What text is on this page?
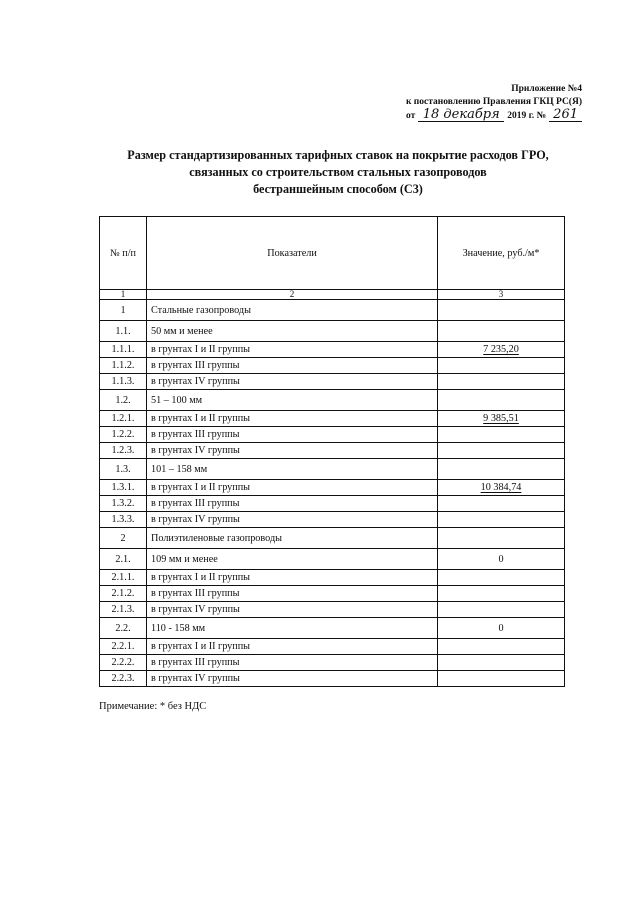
Приложение №4
к постановлению Правления ГКЦ РС(Я)
от 18 декабря 2019 г. № 261
Размер стандартизированных тарифных ставок на покрытие расходов ГРО,
связанных со строительством стальных газопроводов
бестраншейным способом (С3)
№ п/п	Показатели	Значение, руб./м*
1	2	3
1	Стальные газопроводы	
1.1.	50 мм и менее	
1.1.1.	в грунтах I и II группы	7 235,20
1.1.2.	в грунтах III группы	
1.1.3.	в грунтах IV группы	
1.2.	51 – 100 мм	
1.2.1.	в грунтах I и II группы	9 385,51
1.2.2.	в грунтах III группы	
1.2.3.	в грунтах IV группы	
1.3.	101 – 158 мм	
1.3.1.	в грунтах I и II группы	10 384,74
1.3.2.	в грунтах III группы	
1.3.3.	в грунтах IV группы	
2	Полиэтиленовые газопроводы	
2.1.	109 мм и менее	0
2.1.1.	в грунтах I и II группы	
2.1.2.	в грунтах III группы	
2.1.3.	в грунтах IV группы	
2.2.	110 - 158 мм	0
2.2.1.	в грунтах I и II группы	
2.2.2.	в грунтах III группы	
2.2.3.	в грунтах IV группы	
Примечание: * без НДС
